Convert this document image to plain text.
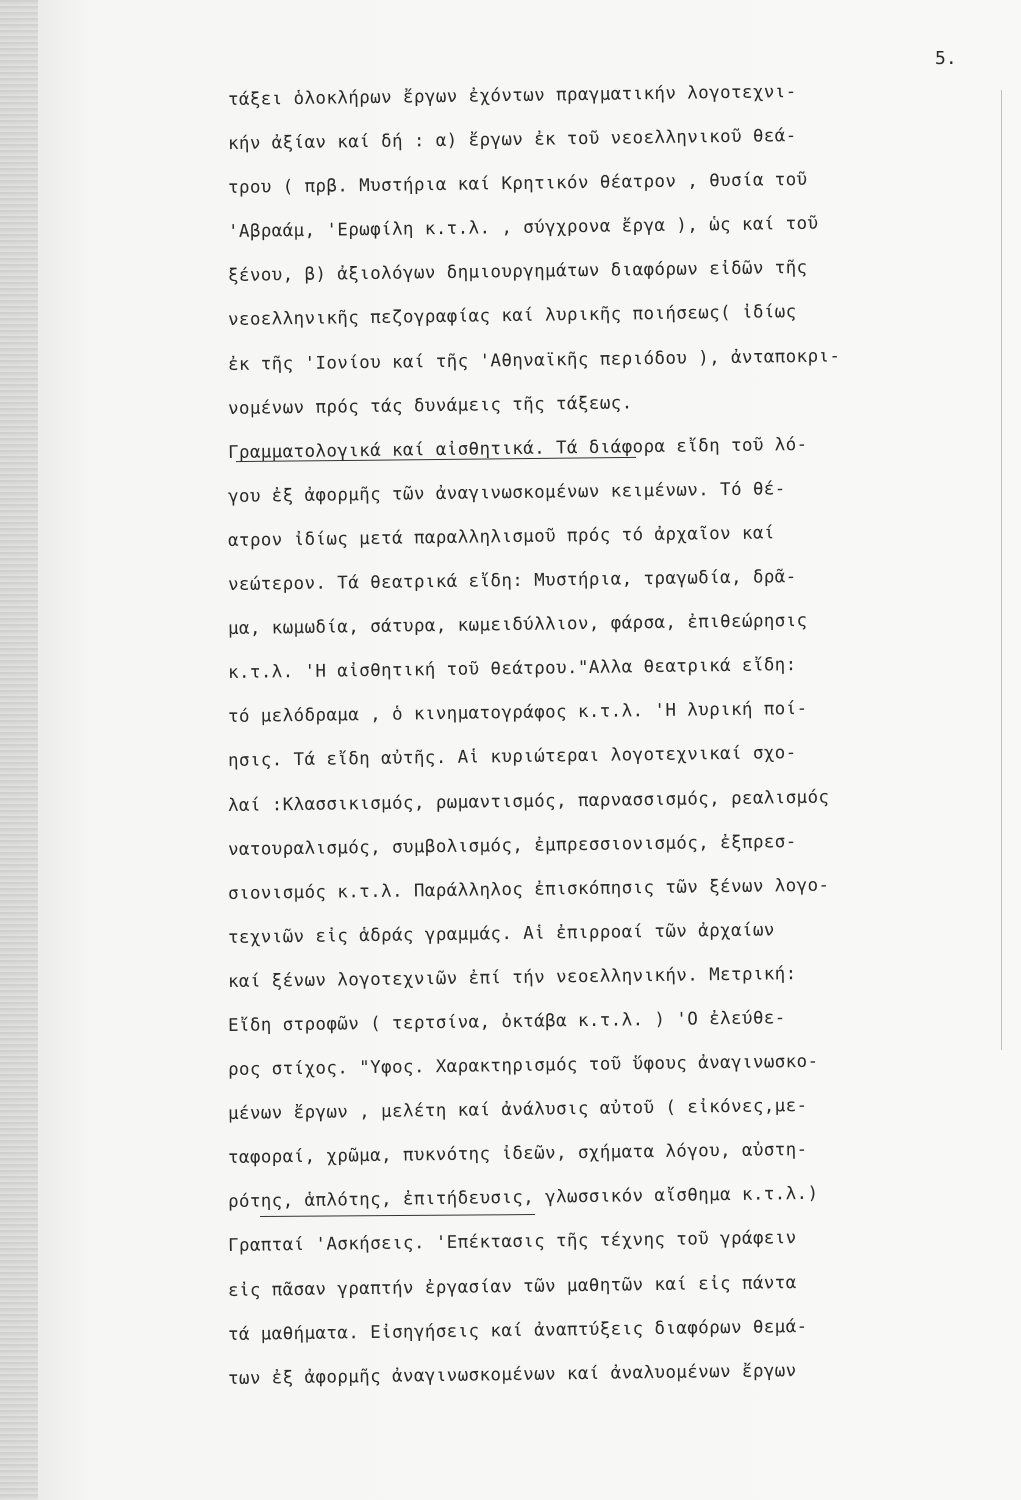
5.
τάξει ὁλοκλήρων ἔργων ἐχόντων πραγματικήν λογοτεχνι-
κήν ἀξίαν καί δή : α) ἔργων ἐκ τοῦ νεοελληνικοῦ θεά-
τρου ( πρβ. Μυστήρια καί Κρητικόν θέατρον , θυσία τοῦ
'Αβραάμ, 'Ερωφίλη κ.τ.λ. , σύγχρονα ἔργα ), ὡς καί τοῦ
ξένου, β) ἀξιολόγων δημιουργημάτων διαφόρων εἰδῶν τῆς
νεοελληνικῆς πεζογραφίας καί λυρικῆς ποιήσεως( ἰδίως
ἐκ τῆς 'Ιονίου καί τῆς 'Αθηναϊκῆς περιόδου ), ἀνταποκρι-
νομένων πρός τάς δυνάμεις τῆς τάξεως.
Γραμματολογικά καί αἰσθητικά. Τά διάφορα εἴδη τοῦ λό-
γου ἐξ ἀφορμῆς τῶν ἀναγινωσκομένων κειμένων. Τό θέ-
ατρον ἰδίως μετά παραλληλισμοῦ πρός τό ἀρχαῖον καί
νεώτερον. Τά θεατρικά εἴδη: Μυστήρια, τραγωδία, δρᾶ-
μα, κωμωδία, σάτυρα, κωμειδύλλιον, φάρσα, ἐπιθεώρησις
κ.τ.λ. 'Η αἰσθητική τοῦ θεάτρου."Αλλα θεατρικά εἴδη:
τό μελόδραμα , ὁ κινηματογράφος κ.τ.λ. 'Η λυρική ποί-
ησις. Τά εἴδη αὐτῆς. Αἱ κυριώτεραι λογοτεχνικαί σχο-
λαί :Κλασσικισμός, ρωμαντισμός, παρνασσισμός, ρεαλισμός
νατουραλισμός, συμβολισμός, ἐμπρεσσιονισμός, ἐξπρεσ-
σιονισμός κ.τ.λ. Παράλληλος ἐπισκόπησις τῶν ξένων λογο-
τεχνιῶν εἰς ἁδράς γραμμάς. Αἱ ἐπιρροαί τῶν ἀρχαίων
καί ξένων λογοτεχνιῶν ἐπί τήν νεοελληνικήν. Μετρική:
Εἴδη στροφῶν ( τερτσίνα, ὀκτάβα κ.τ.λ. ) 'Ο ἐλεύθε-
ρος στίχος. "Υφος. Χαρακτηρισμός τοῦ ὕφους ἀναγινωσκο-
μένων ἔργων , μελέτη καί ἀνάλυσις αὐτοῦ ( εἰκόνες,με-
ταφοραί, χρῶμα, πυκνότης ἰδεῶν, σχήματα λόγου, αὐστη-
ρότης, ἁπλότης, ἐπιτήδευσις, γλωσσικόν αἴσθημα κ.τ.λ.)
Γραπταί 'Ασκήσεις. 'Επέκτασις τῆς τέχνης τοῦ γράφειν
εἰς πᾶσαν γραπτήν ἐργασίαν τῶν μαθητῶν καί εἰς πάντα
τά μαθήματα. Εἰσηγήσεις καί ἀναπτύξεις διαφόρων θεμά-
των ἐξ ἀφορμῆς ἀναγινωσκομένων καί ἀναλυομένων ἔργων
